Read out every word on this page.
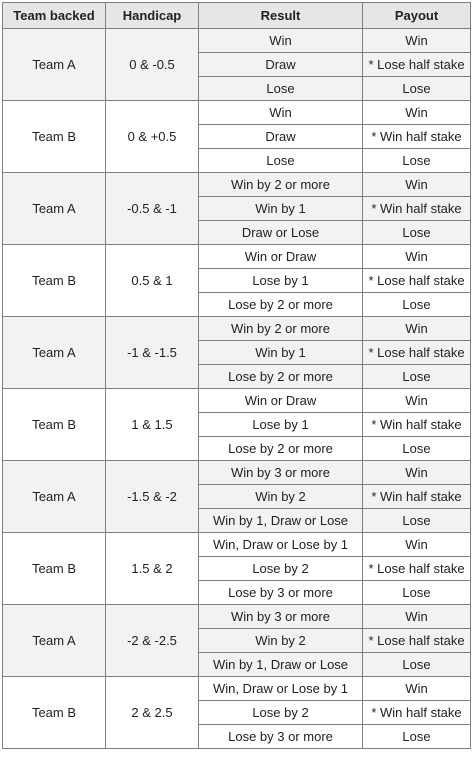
Team backed	Handicap	Result	Payout
Team A	0 & -0.5	Win	Win
		Draw	* Lose half stake
		Lose	Lose
Team B	0 & +0.5	Win	Win
		Draw	* Win half stake
		Lose	Lose
Team A	-0.5 & -1	Win by 2 or more	Win
		Win by 1	* Win half stake
		Draw or Lose	Lose
Team B	0.5 & 1	Win or Draw	Win
		Lose by 1	* Lose half stake
		Lose by 2 or more	Lose
Team A	-1 & -1.5	Win by 2 or more	Win
		Win by 1	* Lose half stake
		Lose by 2 or more	Lose
Team B	1 & 1.5	Win or Draw	Win
		Lose by 1	* Win half stake
		Lose by 2 or more	Lose
Team A	-1.5 & -2	Win by 3 or more	Win
		Win by 2	* Win half stake
		Win by 1, Draw or Lose	Lose
Team B	1.5 & 2	Win, Draw or Lose by 1	Win
		Lose by 2	* Lose half stake
		Lose by 3 or more	Lose
Team A	-2 & -2.5	Win by 3 or more	Win
		Win by 2	* Lose half stake
		Win by 1, Draw or Lose	Lose
Team B	2 & 2.5	Win, Draw or Lose by 1	Win
		Lose by 2	* Win half stake
		Lose by 3 or more	Lose
